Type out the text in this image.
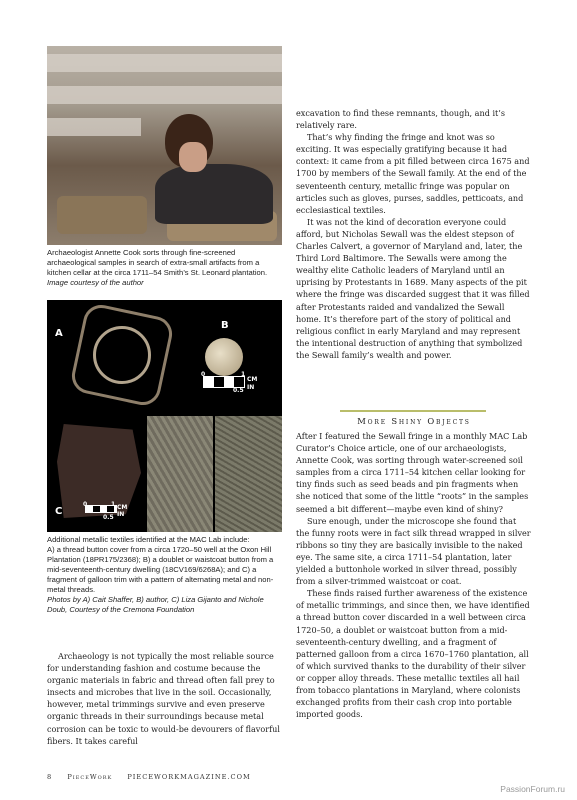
Archaeologist Annette Cook sorts through fine-screened archaeological samples in search of extra-small artifacts from a kitchen cellar at the circa 1711–54 Smith’s St. Leonard plantation.
Image courtesy of the author
A
B
0	1
0.5
CM
IN
C
0	1
0.5
CM
IN
Additional metallic textiles identified at the MAC Lab include:
A) a thread button cover from a circa 1720–50 well at the Oxon Hill Plantation (18PR175/2368); B) a doublet or waistcoat button from a mid-seventeenth-century dwelling (18CV169/6268A); and C) a fragment of galloon trim with a pattern of alternating metal and non-metal threads.
Photos by A) Cait Shaffer, B) author, C) Liza Gijanto and Nichole Doub, Courtesy of the Cremona Foundation

Archaeology is not typically the most reliable source for understanding fashion and costume because the organic materials in fabric and thread often fall prey to insects and microbes that live in the soil. Occasionally, however, metal trimmings survive and even preserve organic threads in their surroundings because metal corrosion can be toxic to would-be devourers of flavorful fibers. It takes careful

excavation to find these remnants, though, and it’s relatively rare.

That’s why finding the fringe and knot was so exciting. It was especially gratifying because it had context: it came from a pit filled between circa 1675 and 1700 by members of the Sewall family. At the end of the seventeenth century, metallic fringe was popular on articles such as gloves, purses, saddles, petticoats, and ecclesiastical textiles.

It was not the kind of decoration everyone could afford, but Nicholas Sewall was the eldest stepson of Charles Calvert, a governor of Maryland and, later, the Third Lord Baltimore. The Sewalls were among the wealthy elite Catholic leaders of Maryland until an uprising by Protestants in 1689. Many aspects of the pit where the fringe was discarded suggest that it was filled after Protestants raided and vandalized the Sewall home. It’s therefore part of the story of political and religious conflict in early Maryland and may represent the intentional destruction of anything that symbolized the Sewall family’s wealth and power.

More Shiny Objects

After I featured the Sewall fringe in a monthly MAC Lab Curator’s Choice article, one of our archaeologists, Annette Cook, was sorting through water-screened soil samples from a circa 1711–54 kitchen cellar looking for tiny finds such as seed beads and pin fragments when she noticed that some of the little “roots” in the samples seemed a bit different—maybe even kind of shiny?

Sure enough, under the microscope she found that the funny roots were in fact silk thread wrapped in silver ribbons so tiny they are basically invisible to the naked eye. The same site, a circa 1711–54 plantation, later yielded a buttonhole worked in silver thread, possibly from a silver-trimmed waistcoat or coat.

These finds raised further awareness of the existence of metallic trimmings, and since then, we have identified a thread button cover discarded in a well between circa 1720–50, a doublet or waistcoat button from a mid-seventeenth-century dwelling, and a fragment of patterned galloon from a circa 1670–1760 plantation, all of which survived thanks to the durability of their silver or copper alloy threads. These metallic textiles all hail from tobacco plantations in Maryland, where colonists exchanged profits from their cash crop into portable imported goods.

8 PieceWork PIECEWORKMAGAZINE.COM
PassionForum.ru
